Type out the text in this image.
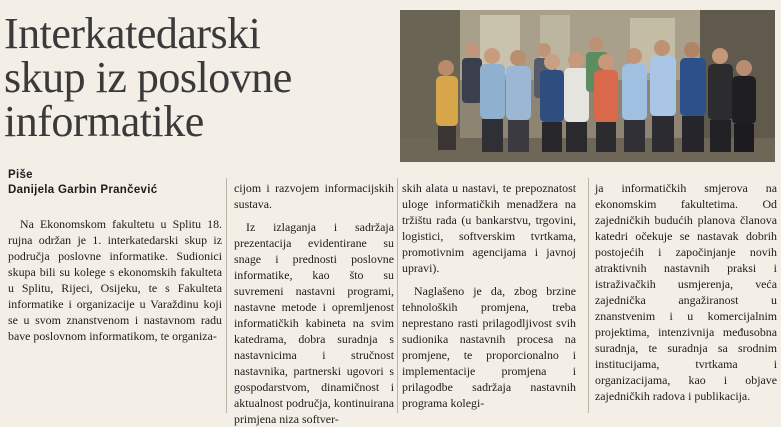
Interkatedarski
skup iz poslovne
informatike
Piše
Danijela Garbin Prančević

Na Ekonomskom fakultetu u Splitu 18. rujna održan je 1. interkatedarski skup iz područja poslovne informatike. Sudionici skupa bili su kolege s ekonomskih fakulteta u Splitu, Rijeci, Osijeku, te s Fakulteta informatike i organizacije u Varaždinu koji se u svom znanstvenom i nastavnom radu bave poslovnom informatikom, te organiza-

cijom i razvojem informacijskih sustava.

Iz izlaganja i sadržaja prezentacija evidentirane su snage i prednosti poslovne informatike, kao što su suvremeni nastavni programi, nastavne metode i opremljenost informatičkih kabineta na svim katedrama, dobra suradnja s nastavnicima i stručnost nastavnika, partnerski ugovori s gospodarstvom, dinamičnost i aktualnost područja, kontinuirana primjena niza softver-

skih alata u nastavi, te prepoznatost uloge informatičkih menadžera na tržištu rada (u bankarstvu, trgovini, logistici, softverskim tvrtkama, promotivnim agencijama i javnoj upravi).

Naglašeno je da, zbog brzine tehnoloških promjena, treba neprestano rasti prilagodljivost svih sudionika nastavnih procesa na promjene, te proporcionalno i implementacije promjena i prilagodbe sadržaja nastavnih programa kolegi-

ja informatičkih smjerova na ekonomskim fakultetima. Od zajedničkih budućih planova članova katedri očekuje se nastavak dobrih postojećih i započinjanje novih atraktivnih nastavnih praksi i istraživačkih usmjerenja, veća zajednička angažiranost u znanstvenim i u komercijalnim projektima, intenzivnija međusobna suradnja, te suradnja sa srodnim institucijama, tvrtkama i organizacijama, kao i objave zajedničkih radova i publikacija.
